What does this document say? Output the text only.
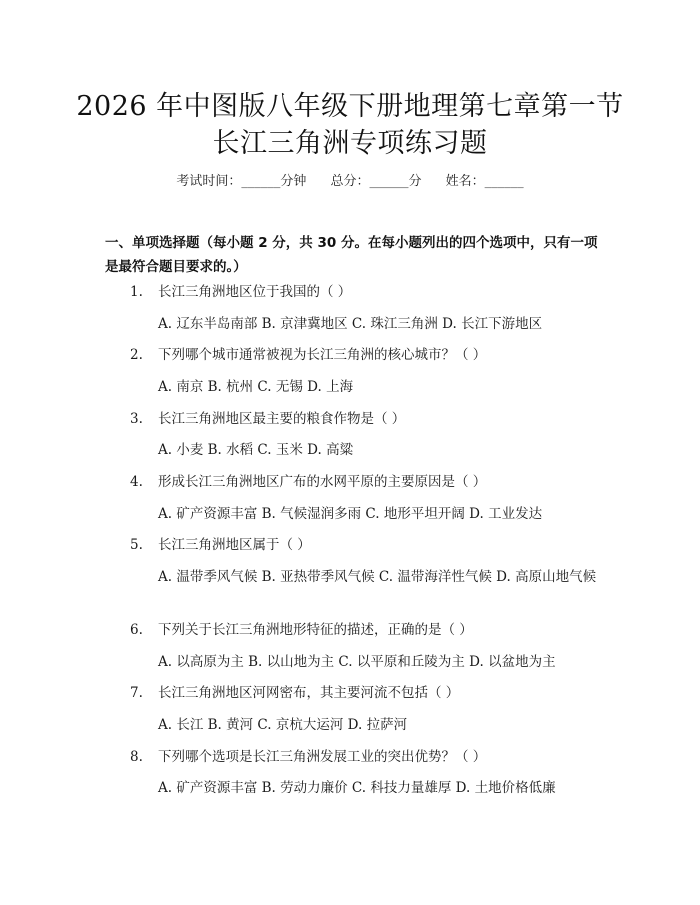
2026 年中图版八年级下册地理第七章第一节
长江三角洲专项练习题
考试时间：______分钟 总分：______分 姓名：______
一、单项选择题（每小题 2 分，共 30 分。在每小题列出的四个选项中，只有一项是最符合题目要求的。）
1. 长江三角洲地区位于我国的（ ）
A. 辽东半岛南部 B. 京津冀地区 C. 珠江三角洲 D. 长江下游地区
2. 下列哪个城市通常被视为长江三角洲的核心城市？（ ）
A. 南京 B. 杭州 C. 无锡 D. 上海
3. 长江三角洲地区最主要的粮食作物是（ ）
A. 小麦 B. 水稻 C. 玉米 D. 高粱
4. 形成长江三角洲地区广布的水网平原的主要原因是（ ）
A. 矿产资源丰富 B. 气候湿润多雨 C. 地形平坦开阔 D. 工业发达
5. 长江三角洲地区属于（ ）
A. 温带季风气候 B. 亚热带季风气候 C. 温带海洋性气候 D. 高原山地气候
6. 下列关于长江三角洲地形特征的描述，正确的是（ ）
A. 以高原为主 B. 以山地为主 C. 以平原和丘陵为主 D. 以盆地为主
7. 长江三角洲地区河网密布，其主要河流不包括（ ）
A. 长江 B. 黄河 C. 京杭大运河 D. 拉萨河
8. 下列哪个选项是长江三角洲发展工业的突出优势？（ ）
A. 矿产资源丰富 B. 劳动力廉价 C. 科技力量雄厚 D. 土地价格低廉
